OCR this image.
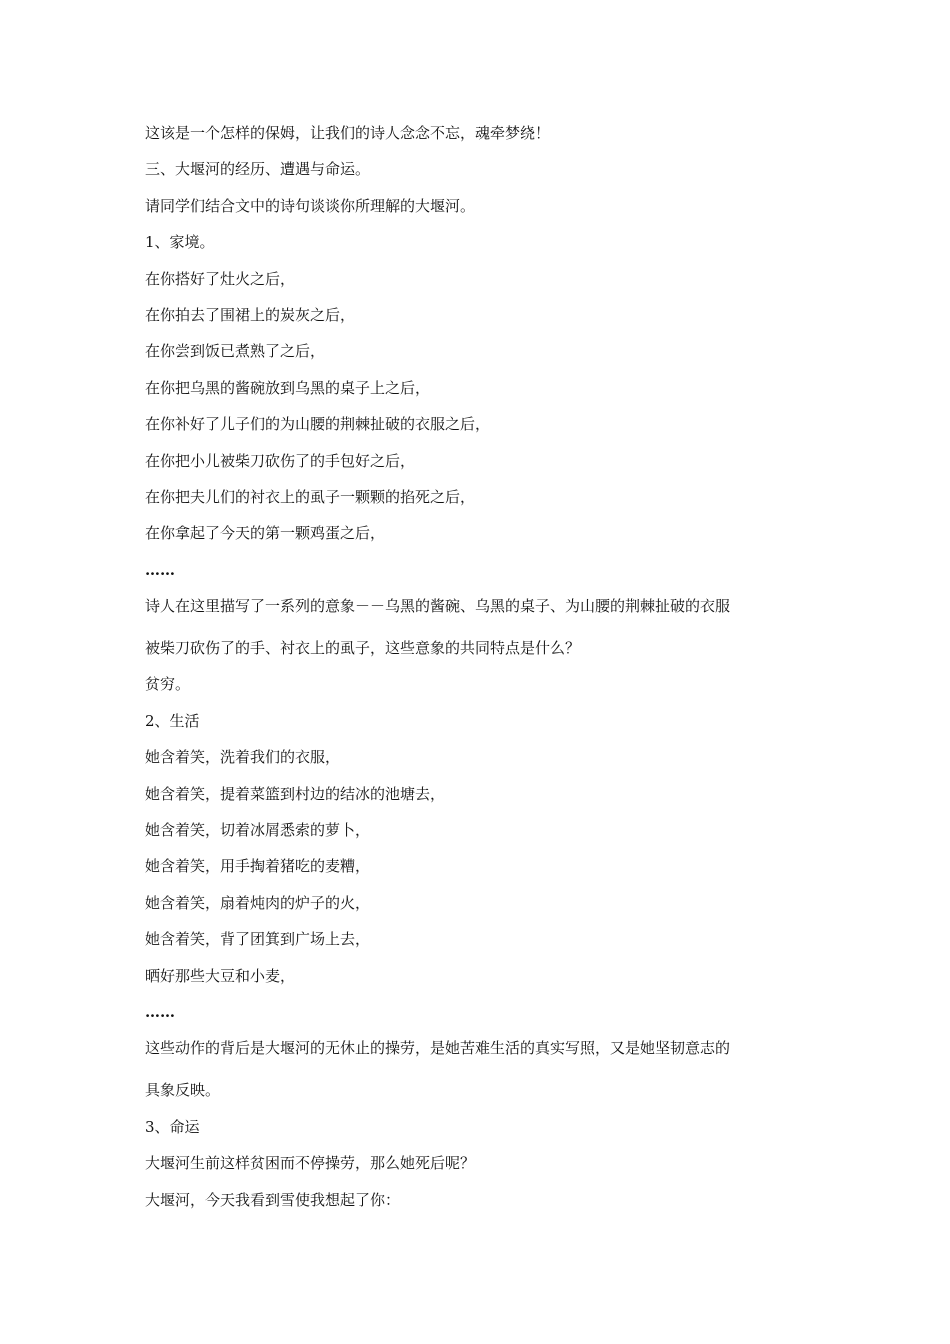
这该是一个怎样的保姆，让我们的诗人念念不忘，魂牵梦绕！
三、大堰河的经历、遭遇与命运。
请同学们结合文中的诗句谈谈你所理解的大堰河。
1、家境。
在你搭好了灶火之后，
在你拍去了围裙上的炭灰之后，
在你尝到饭已煮熟了之后，
在你把乌黑的酱碗放到乌黑的桌子上之后，
在你补好了儿子们的为山腰的荆棘扯破的衣服之后，
在你把小儿被柴刀砍伤了的手包好之后，
在你把夫儿们的衬衣上的虱子一颗颗的掐死之后，
在你拿起了今天的第一颗鸡蛋之后，
……
诗人在这里描写了一系列的意象－－乌黑的酱碗、乌黑的桌子、为山腰的荆棘扯破的衣服
被柴刀砍伤了的手、衬衣上的虱子，这些意象的共同特点是什么？
贫穷。
2、生活
她含着笑，洗着我们的衣服，
她含着笑，提着菜篮到村边的结冰的池塘去，
她含着笑，切着冰屑悉索的萝卜，
她含着笑，用手掏着猪吃的麦糟，
她含着笑，扇着炖肉的炉子的火，
她含着笑，背了团箕到广场上去，
晒好那些大豆和小麦，
……
这些动作的背后是大堰河的无休止的操劳，是她苦难生活的真实写照，又是她坚韧意志的
具象反映。
3、命运
大堰河生前这样贫困而不停操劳，那么她死后呢？
大堰河，今天我看到雪使我想起了你：
